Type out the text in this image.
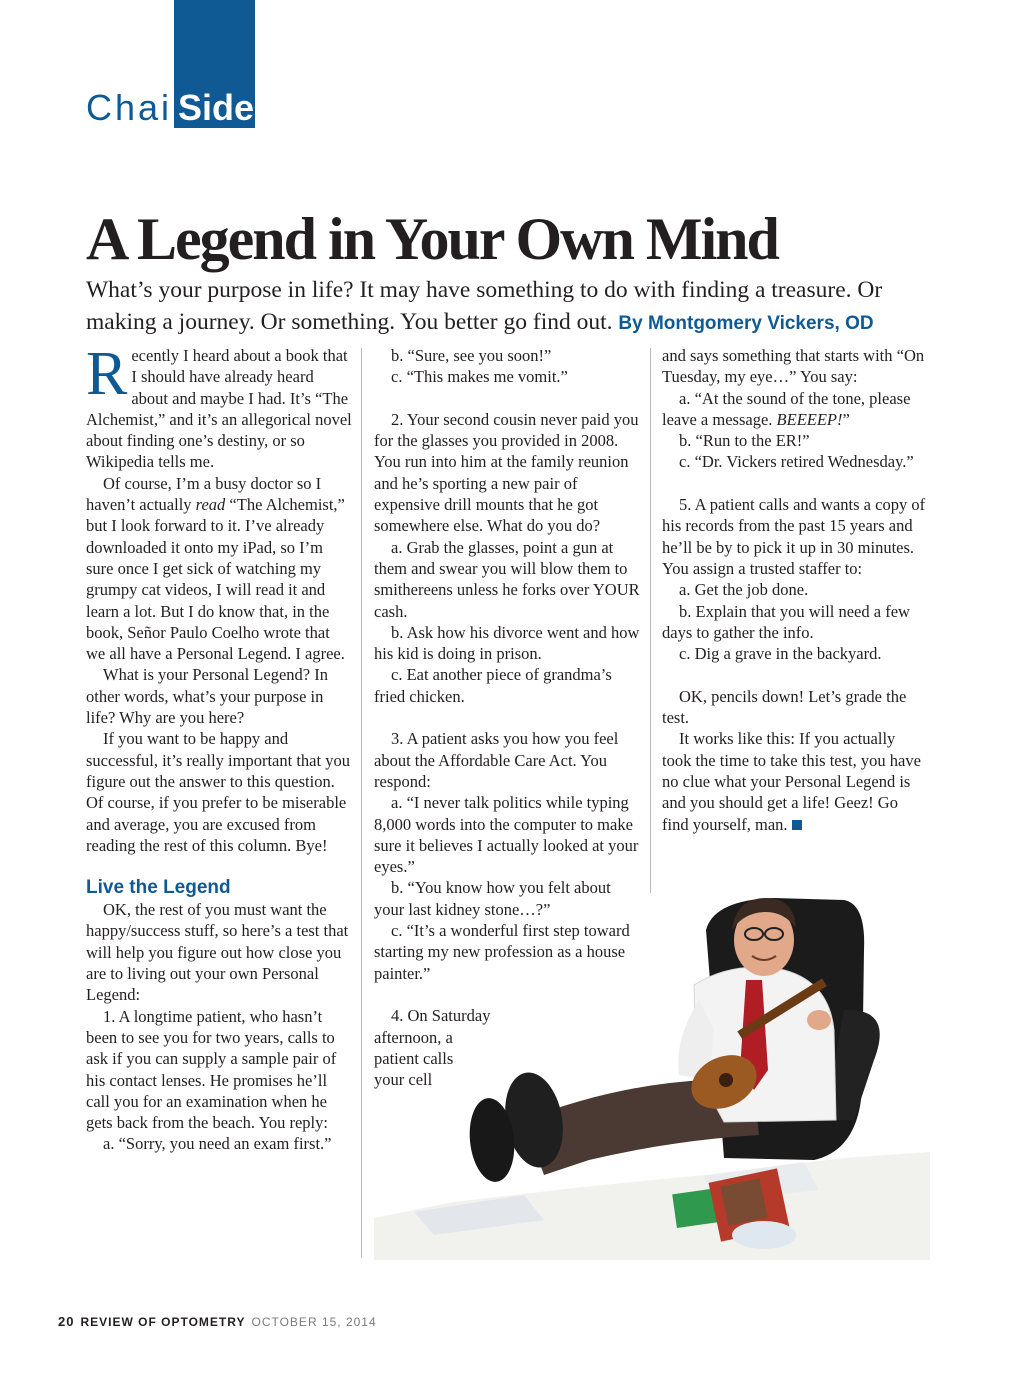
ChairSide
A Legend in Your Own Mind
What’s your purpose in life? It may have something to do with finding a treasure. Or making a journey. Or something. You better go find out. By Montgomery Vickers, OD

Recently I heard about a book that I should have already heard about and maybe I had. It’s “The Alchemist,” and it’s an allegorical novel about finding one’s destiny, or so Wikipedia tells me.

Of course, I’m a busy doctor so I haven’t actually read “The Alchemist,” but I look forward to it. I’ve already downloaded it onto my iPad, so I’m sure once I get sick of watching my grumpy cat videos, I will read it and learn a lot. But I do know that, in the book, Señor Paulo Coelho wrote that we all have a Personal Legend. I agree.

What is your Personal Legend? In other words, what’s your purpose in life? Why are you here?

If you want to be happy and successful, it’s really important that you figure out the answer to this question. Of course, if you prefer to be miserable and average, you are excused from reading the rest of this column. Bye!

Live the Legend

OK, the rest of you must want the happy/success stuff, so here’s a test that will help you figure out how close you are to living out your own Personal Legend:

1. A longtime patient, who hasn’t been to see you for two years, calls to ask if you can supply a sample pair of his contact lenses. He promises he’ll call you for an examination when he gets back from the beach. You reply:

a. “Sorry, you need an exam first.”

b. “Sure, see you soon!”

c. “This makes me vomit.”

2. Your second cousin never paid you for the glasses you provided in 2008. You run into him at the family reunion and he’s sporting a new pair of expensive drill mounts that he got somewhere else. What do you do?

a. Grab the glasses, point a gun at them and swear you will blow them to smithereens unless he forks over YOUR cash.

b. Ask how his divorce went and how his kid is doing in prison.

c. Eat another piece of grandma’s fried chicken.

3. A patient asks you how you feel about the Affordable Care Act. You respond:

a. “I never talk politics while typing 8,000 words into the computer to make sure it believes I actually looked at your eyes.”

b. “You know how you felt about your last kidney stone…?”

c. “It’s a wonderful first step toward starting my new profession as a house painter.”

4. On Saturday
afternoon, a
patient calls
your cell

and says something that starts with “On Tuesday, my eye…” You say:

a. “At the sound of the tone, please leave a message. BEEEEP!”

b. “Run to the ER!”

c. “Dr. Vickers retired Wednesday.”

5. A patient calls and wants a copy of his records from the past 15 years and he’ll be by to pick it up in 30 minutes. You assign a trusted staffer to:

a. Get the job done.

b. Explain that you will need a few days to gather the info.

c. Dig a grave in the backyard.

OK, pencils down! Let’s grade the test.

It works like this: If you actually took the time to take this test, you have no clue what your Personal Legend is and you should get a life! Geez! Go find yourself, man.

20 REVIEW OF OPTOMETRY OCTOBER 15, 2014
